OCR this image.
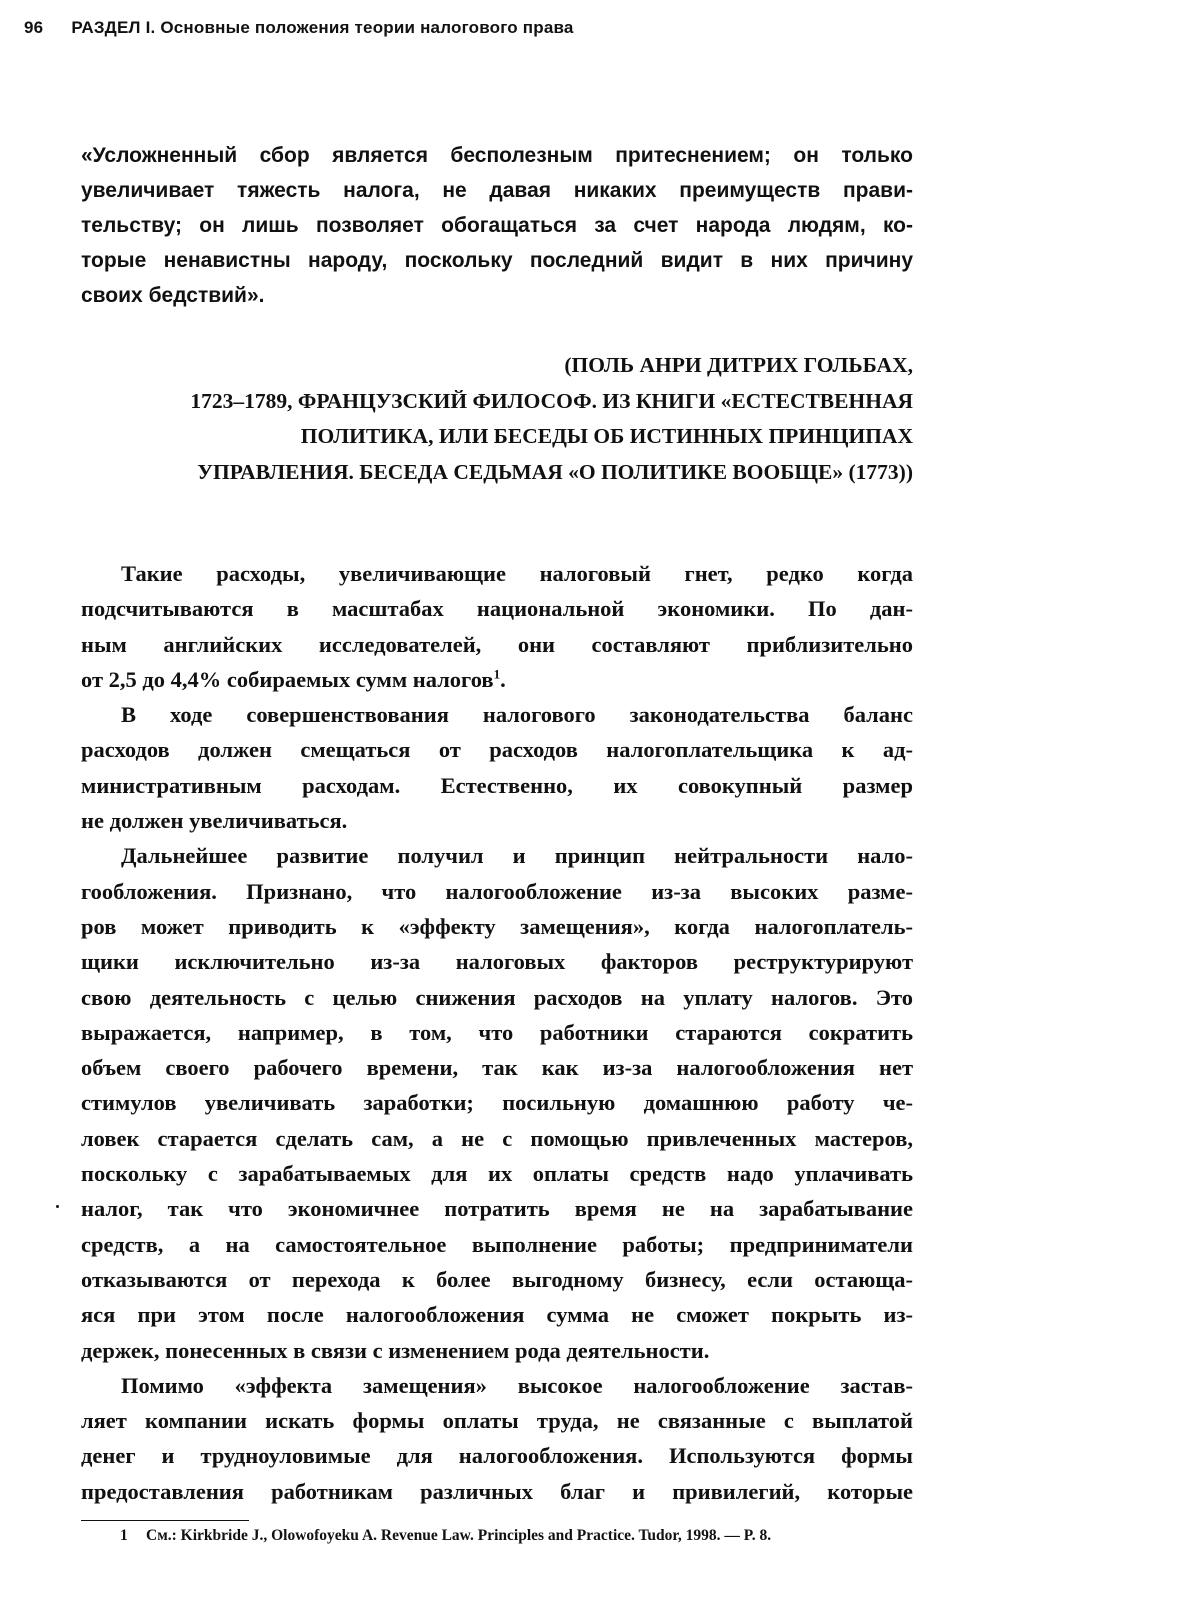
96 РАЗДЕЛ I. Основные положения теории налогового права
«Усложненный сбор является бесполезным притеснением; он только
увеличивает тяжесть налога, не давая никаких преимуществ прави-
тельству; он лишь позволяет обогащаться за счет народа людям, ко-
торые ненавистны народу, поскольку последний видит в них причину
своих бедствий».
(ПОЛЬ АНРИ ДИТРИХ ГОЛЬБАХ,
1723–1789, ФРАНЦУЗСКИЙ ФИЛОСОФ. ИЗ КНИГИ «ЕСТЕСТВЕННАЯ
ПОЛИТИКА, ИЛИ БЕСЕДЫ ОБ ИСТИННЫХ ПРИНЦИПАХ
УПРАВЛЕНИЯ. БЕСЕДА СЕДЬМАЯ «О ПОЛИТИКЕ ВООБЩЕ» (1773))
Такие расходы, увеличивающие налоговый гнет, редко когда
подсчитываются в масштабах национальной экономики. По дан-
ным английских исследователей, они составляют приблизительно
от 2,5 до 4,4% собираемых сумм налогов$^1$.
В ходе совершенствования налогового законодательства баланс
расходов должен смещаться от расходов налогоплательщика к ад-
министративным расходам. Естественно, их совокупный размер
не должен увеличиваться.
Дальнейшее развитие получил и принцип нейтральности нало-
гообложения. Признано, что налогообложение из-за высоких разме-
ров может приводить к «эффекту замещения», когда налогоплатель-
щики исключительно из-за налоговых факторов реструктурируют
свою деятельность с целью снижения расходов на уплату налогов. Это
выражается, например, в том, что работники стараются сократить
объем своего рабочего времени, так как из-за налогообложения нет
стимулов увеличивать заработки; посильную домашнюю работу че-
ловек старается сделать сам, а не с помощью привлеченных мастеров,
поскольку с зарабатываемых для их оплаты средств надо уплачивать
налог, так что экономичнее потратить время не на зарабатывание
средств, а на самостоятельное выполнение работы; предприниматели
отказываются от перехода к более выгодному бизнесу, если остающа-
яся при этом после налогообложения сумма не сможет покрыть из-
держек, понесенных в связи с изменением рода деятельности.
Помимо «эффекта замещения» высокое налогообложение застав-
ляет компании искать формы оплаты труда, не связанные с выплатой
денег и трудноуловимые для налогообложения. Используются формы
предоставления работникам различных благ и привилегий, которые
1 См.: Kirkbride J., Olowofoyeku A. Revenue Law. Principles and Practice. Tudor, 1998. — P. 8.
